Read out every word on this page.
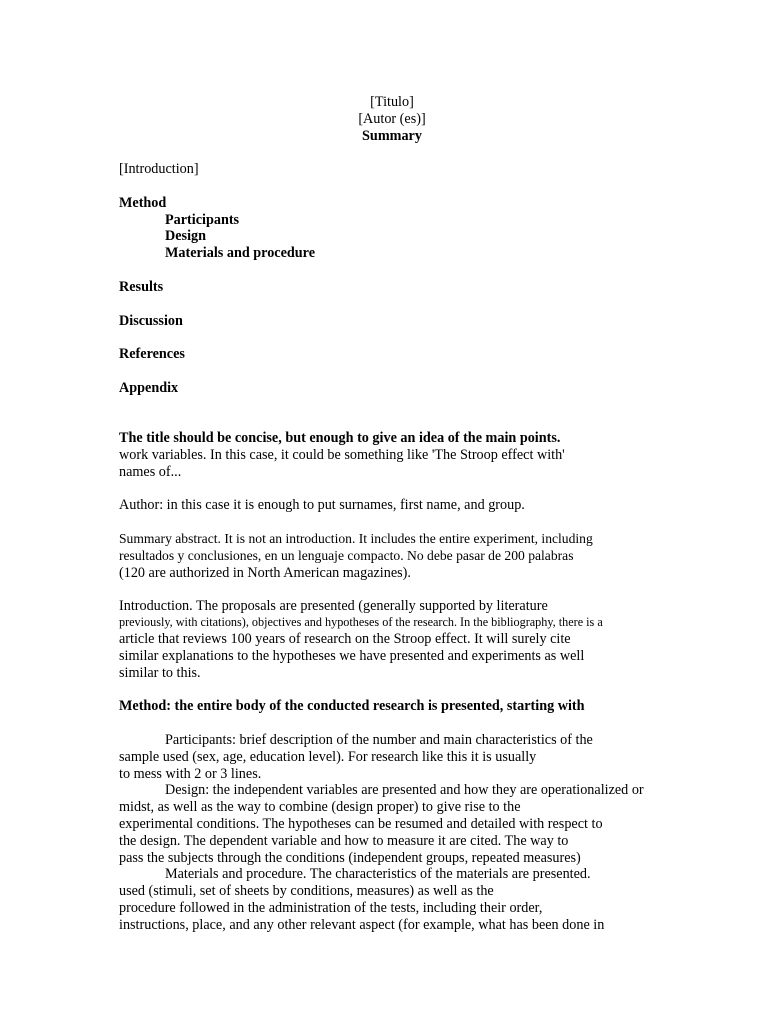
[Titulo]

[Autor (es)]

Summary

[Introduction]

Method

Participants

Design

Materials and procedure

Results

Discussion

References

Appendix

The title should be concise, but enough to give an idea of the main points.

work variables. In this case, it could be something like 'The Stroop effect with'

names of...

Author: in this case it is enough to put surnames, first name, and group.

Summary abstract. It is not an introduction. It includes the entire experiment, including

resultados y conclusiones, en un lenguaje compacto. No debe pasar de 200 palabras

(120 are authorized in North American magazines).

Introduction. The proposals are presented (generally supported by literature

previously, with citations), objectives and hypotheses of the research. In the bibliography, there is a

article that reviews 100 years of research on the Stroop effect. It will surely cite

similar explanations to the hypotheses we have presented and experiments as well

similar to this.

Method: the entire body of the conducted research is presented, starting with

Participants: brief description of the number and main characteristics of the

sample used (sex, age, education level). For research like this it is usually

to mess with 2 or 3 lines.

Design: the independent variables are presented and how they are operationalized or

midst, as well as the way to combine (design proper) to give rise to the

experimental conditions. The hypotheses can be resumed and detailed with respect to

the design. The dependent variable and how to measure it are cited. The way to

pass the subjects through the conditions (independent groups, repeated measures)

Materials and procedure. The characteristics of the materials are presented.

used (stimuli, set of sheets by conditions, measures) as well as the

procedure followed in the administration of the tests, including their order,

instructions, place, and any other relevant aspect (for example, what has been done in
